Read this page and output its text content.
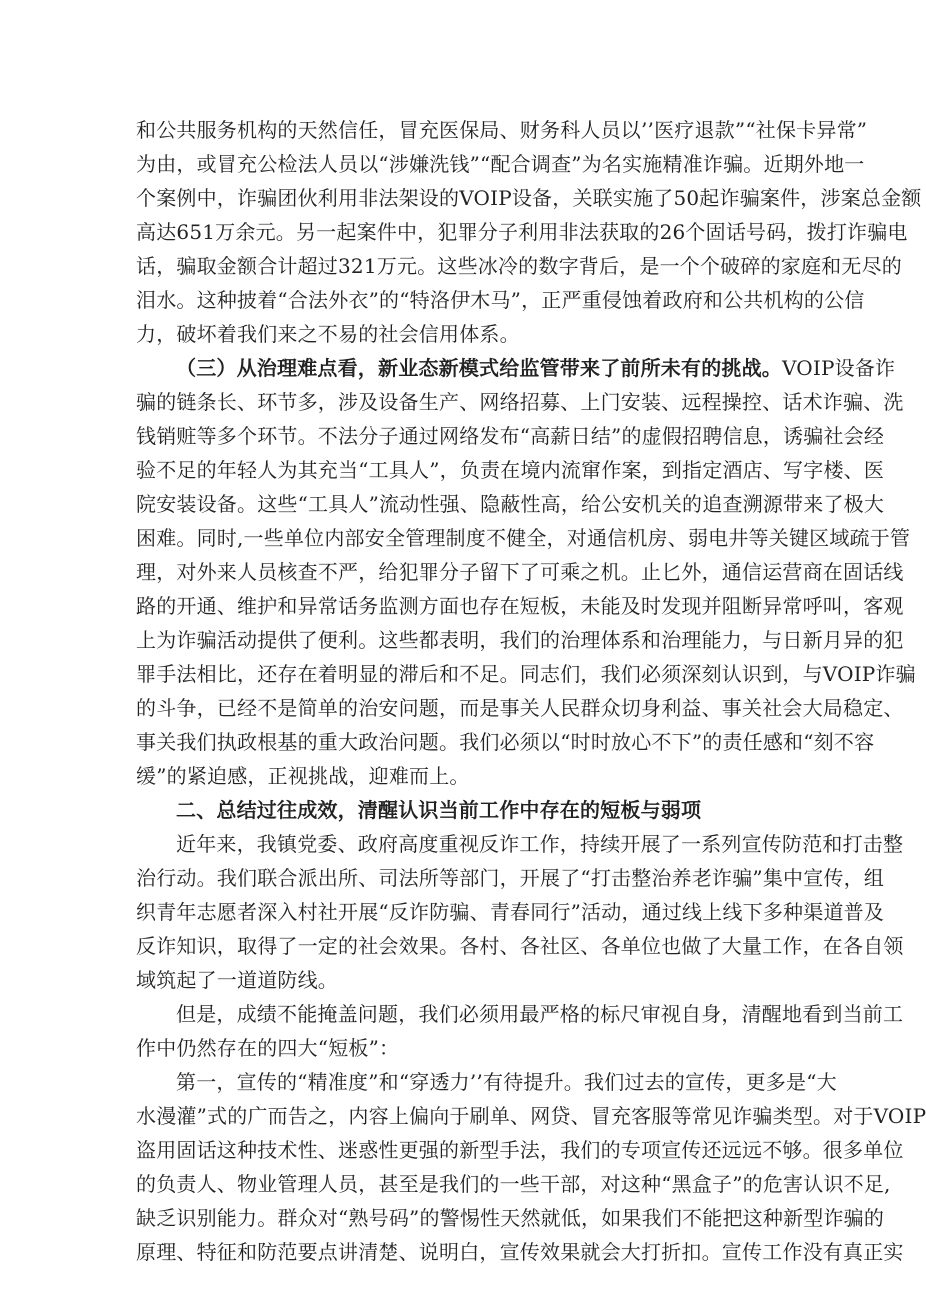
和公共服务机构的天然信任，冒充医保局、财务科人员以’’医疗退款”“社保卡异常”
为由，或冒充公检法人员以“涉嫌洗钱”“配合调查”为名实施精准诈骗。近期外地一
个案例中，诈骗团伙利用非法架设的VOIP设备，关联实施了50起诈骗案件，涉案总金额
高达651万余元。另一起案件中，犯罪分子利用非法获取的26个固话号码，拨打诈骗电
话，骗取金额合计超过321万元。这些冰冷的数字背后，是一个个破碎的家庭和无尽的
泪水。这种披着“合法外衣”的“特洛伊木马”，正严重侵蚀着政府和公共机构的公信
力，破坏着我们来之不易的社会信用体系。
（三）从治理难点看，新业态新模式给监管带来了前所未有的挑战。VOIP设备诈
骗的链条长、环节多，涉及设备生产、网络招募、上门安装、远程操控、话术诈骗、洗
钱销赃等多个环节。不法分子通过网络发布“高薪日结”的虚假招聘信息，诱骗社会经
验不足的年轻人为其充当“工具人”，负责在境内流窜作案，到指定酒店、写字楼、医
院安装设备。这些“工具人”流动性强、隐蔽性高，给公安机关的追查溯源带来了极大
困难。同时,一些单位内部安全管理制度不健全，对通信机房、弱电井等关键区域疏于管
理，对外来人员核查不严，给犯罪分子留下了可乘之机。止匕外，通信运营商在固话线
路的开通、维护和异常话务监测方面也存在短板，未能及时发现并阻断异常呼叫，客观
上为诈骗活动提供了便利。这些都表明，我们的治理体系和治理能力，与日新月异的犯
罪手法相比，还存在着明显的滞后和不足。同志们，我们必须深刻认识到，与VOIP诈骗
的斗争，已经不是简单的治安问题，而是事关人民群众切身利益、事关社会大局稳定、
事关我们执政根基的重大政治问题。我们必须以“时时放心不下”的责任感和“刻不容
缓”的紧迫感，正视挑战，迎难而上。
二、总结过往成效，清醒认识当前工作中存在的短板与弱项
近年来，我镇党委、政府高度重视反诈工作，持续开展了一系列宣传防范和打击整
治行动。我们联合派出所、司法所等部门，开展了“打击整治养老诈骗”集中宣传，组
织青年志愿者深入村社开展“反诈防骗、青春同行”活动，通过线上线下多种渠道普及
反诈知识，取得了一定的社会效果。各村、各社区、各单位也做了大量工作，在各自领
域筑起了一道道防线。
但是，成绩不能掩盖问题，我们必须用最严格的标尺审视自身，清醒地看到当前工
作中仍然存在的四大“短板”：
第一，宣传的“精准度”和“穿透力’’有待提升。我们过去的宣传，更多是“大
水漫灌”式的广而告之，内容上偏向于刷单、网贷、冒充客服等常见诈骗类型。对于VOIP
盗用固话这种技术性、迷惑性更强的新型手法，我们的专项宣传还远远不够。很多单位
的负责人、物业管理人员，甚至是我们的一些干部，对这种“黑盒子”的危害认识不足,
缺乏识别能力。群众对“熟号码”的警惕性天然就低，如果我们不能把这种新型诈骗的
原理、特征和防范要点讲清楚、说明白，宣传效果就会大打折扣。宣传工作没有真正实
